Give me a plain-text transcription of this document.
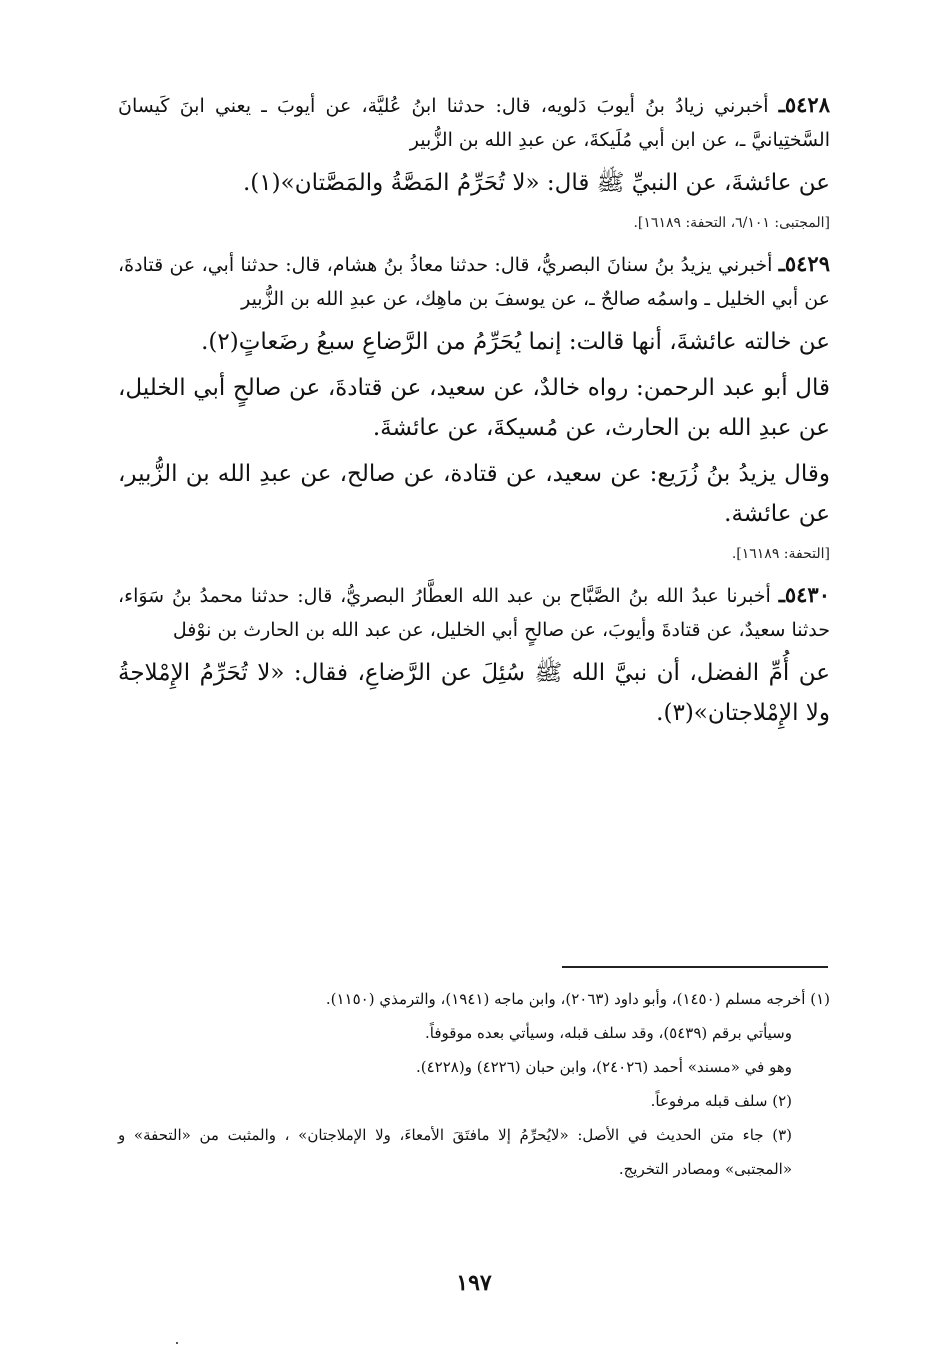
٥٤٢٨ـ أخبرني زيادُ بنُ أيوبَ دَلويه، قال: حدثنا ابنُ عُليَّة، عن أيوبَ ـ يعني ابنَ كَيسانَ السَّختِيانيَّ ـ، عن ابن أبي مُلَيكةَ، عن عبدِ الله بن الزُّبير

عن عائشةَ، عن النبيِّ ﷺ قال: «لا تُحَرِّمُ المَصَّةُ والمَصَّتان»(١).

[المجتبى: ٦/١٠١، التحفة: ١٦١٨٩].

٥٤٢٩ـ أخبرني يزيدُ بنُ سنانَ البصريُّ، قال: حدثنا معاذُ بنُ هشام، قال: حدثنا أبي، عن قتادةَ، عن أبي الخليل ـ واسمُه صالحٌ ـ، عن يوسفَ بن ماهِك، عن عبدِ الله بن الزُّبير

عن خالته عائشةَ، أنها قالت: إنما يُحَرِّمُ من الرَّضاعِ سبعُ رضَعاتٍ(٢).

قال أبو عبد الرحمن: رواه خالدٌ، عن سعيد، عن قتادةَ، عن صالحٍ أبي الخليل، عن عبدِ الله بن الحارث، عن مُسيكةَ، عن عائشةَ.

وقال يزيدُ بنُ زُرَيع: عن سعيد، عن قتادة، عن صالح، عن عبدِ الله بن الزُّبير، عن عائشة.

[التحفة: ١٦١٨٩].

٥٤٣٠ـ أخبرنا عبدُ الله بنُ الصَّبَّاح بن عبد الله العطَّارُ البصريُّ، قال: حدثنا محمدُ بنُ سَوَاء، حدثنا سعيدٌ، عن قتادةَ وأيوبَ، عن صالحٍ أبي الخليل، عن عبد الله بن الحارث بن نوْفل

عن أُمِّ الفضل، أن نبيَّ الله ﷺ سُئِلَ عن الرَّضاعِ، فقال: «لا تُحَرِّمُ الإِمْلاجةُ ولا الإِمْلاجتان»(٣).

(١) أخرجه مسلم (١٤٥٠)، وأبو داود (٢٠٦٣)، وابن ماجه (١٩٤١)، والترمذي (١١٥٠).

وسيأتي برقم (٥٤٣٩)، وقد سلف قبله، وسيأتي بعده موقوفاً.

وهو في «مسند» أحمد (٢٤٠٢٦)، وابن حبان (٤٢٢٦) و(٤٢٢٨).

(٢) سلف قبله مرفوعاً.

(٣) جاء متن الحديث في الأصل: «لايُحرِّمُ إلا مافتَقَ الأمعاءَ، ولا الإملاجتان» ، والمثبت من «التحفة» و «المجتبى» ومصادر التخريج.

١٩٧
